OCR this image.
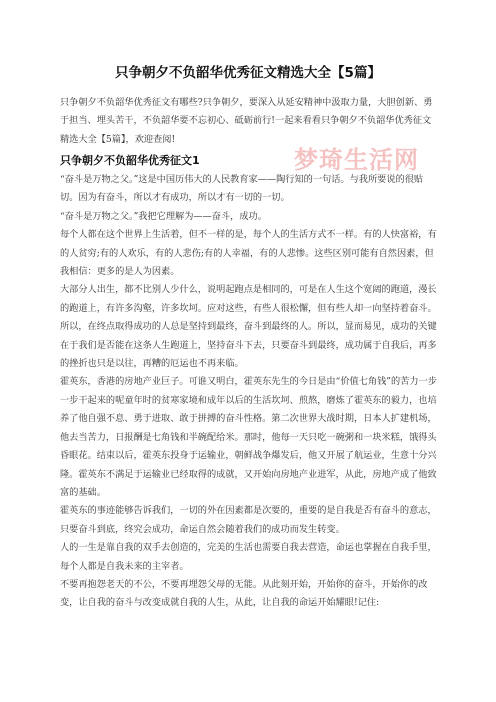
只争朝夕不负韶华优秀征文精选大全【5篇】
只争朝夕不负韶华优秀征文有哪些?只争朝夕，要深入从延安精神中汲取力量，大胆创新、勇于担当、埋头苦干，不负韶华要不忘初心、砥砺前行!一起来看看只争朝夕不负韶华优秀征文精选大全【5篇】，欢迎查阅!
梦琦生活网
只争朝夕不负韶华优秀征文1

“奋斗是万物之父。”这是中国历伟大的人民教育家——陶行知的一句话。与我所要说的很贴切。因为有奋斗，所以才有成功，所以才有一切的一切。

“奋斗是万物之父。”我把它理解为——奋斗，成功。

每个人都在这个世界上生活着，但不一样的是，每个人的生活方式不一样。有的人快富裕，有的人贫穷;有的人欢乐，有的人悲伤;有的人幸福，有的人悲惨。这些区别可能有自然因素，但我相信：更多的是人为因素。

大部分人出生，都不比别人少什么，说明起跑点是相同的，可是在人生这个宽阔的跑道，漫长的跑道上，有许多沟壑，许多坎坷。应对这些，有些人很松懈，但有些人却一向坚持着奋斗。所以，在终点取得成功的人总是坚持到最终，奋斗到最终的人。所以，显而易见，成功的关键在于我们是否能在这条人生跑道上，坚持奋斗下去，只要奋斗到最终，成功属于自我后，再多的挫折也只是以往，再糟的厄运也不再来临。

霍英东，香港的房地产业巨子。可谁又明白，霍英东先生的今日是由“价值七角钱”的苦力一步一步干起来的呢童年时的贫寒家境和成年以后的生活坎坷、煎熬，磨炼了霍英东的毅力，也培养了他自强不息、勇于进取、敢于拼搏的奋斗性格。第二次世界大战时期，日本人扩建机场，他去当苦力，日报酬是七角钱和半碗配给米。那时，他每一天只吃一碗粥和一块米糕，饿得头昏眼花。结束以后，霍英东投身于运输业，朝鲜战争爆发后，他又开展了航运业，生意十分兴隆。霍英东不满足于运输业已经取得的成就，又开始向房地产业进军，从此，房地产成了他致富的基础。

霍英东的事迹能够告诉我们，一切的外在因素都是次要的，重要的是自我是否有奋斗的意志，只要奋斗到底，终究会成功，命运自然会随着我们的成功而发生转变。

人的一生是靠自我的双手去创造的，完美的生活也需要自我去营造，命运也掌握在自我手里，每个人都是自我未来的主宰者。

不要再抱怨老天的不公，不要再埋怨父母的无能。从此刻开始，开始你的奋斗，开始你的改变，让自我的奋斗与改变成就自我的人生，从此，让自我的命运开始耀眼!记住:
